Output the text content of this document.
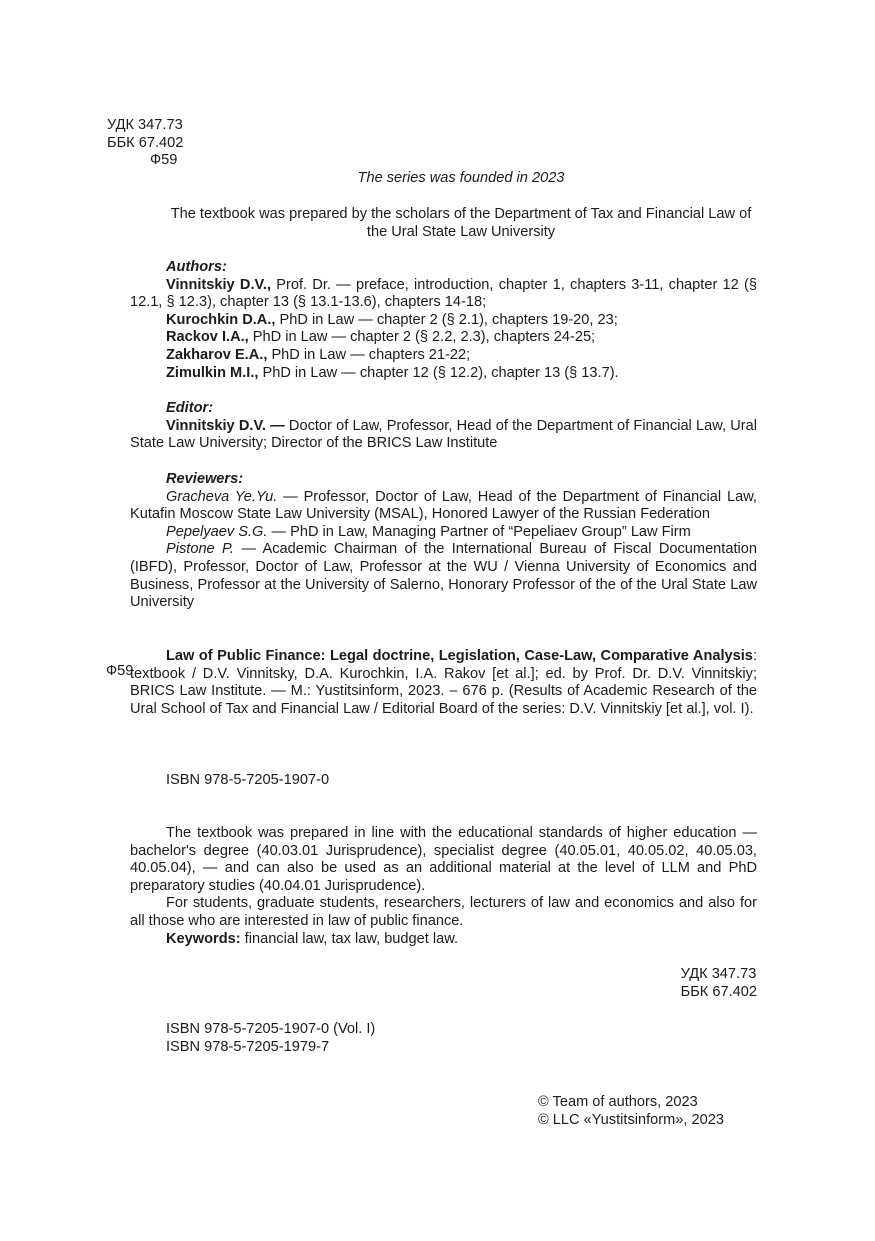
УДК 347.73
ББК 67.402
Ф59
The series was founded in 2023
The textbook was prepared by the scholars of the Department of Tax and Financial Law of the Ural State Law University

Authors:

Vinnitskiy D.V., Prof. Dr. — preface, introduction, chapter 1, chapters 3-11, chapter 12 (§ 12.1, § 12.3), chapter 13 (§ 13.1-13.6), chapters 14-18;

Kurochkin D.A., PhD in Law — chapter 2 (§ 2.1), chapters 19-20, 23;

Rackov I.A., PhD in Law — chapter 2 (§ 2.2, 2.3), chapters 24-25;

Zakharov E.A., PhD in Law — chapters 21-22;

Zimulkin M.I., PhD in Law — chapter 12 (§ 12.2), chapter 13 (§ 13.7).

Editor:

Vinnitskiy D.V. — Doctor of Law, Professor, Head of the Department of Financial Law, Ural State Law University; Director of the BRICS Law Institute

Reviewers:

Gracheva Ye.Yu. — Professor, Doctor of Law, Head of the Department of Financial Law, Kutafin Moscow State Law University (MSAL), Honored Lawyer of the Russian Federation

Pepelyaev S.G. — PhD in Law, Managing Partner of “Pepeliaev Group” Law Firm

Pistone P. — Academic Chairman of the International Bureau of Fiscal Documentation (IBFD), Professor, Doctor of Law, Professor at the WU / Vienna University of Economics and Business, Professor at the University of Salerno, Honorary Professor of the of the Ural State Law University

Ф59

Law of Public Finance: Legal doctrine, Legislation, Case-Law, Comparative Analysis: textbook / D.V. Vinnitsky, D.A. Kurochkin, I.A. Rakov [et al.]; ed. by Prof. Dr. D.V. Vinnitskiy; BRICS Law Institute. — M.: Yustitsinform, 2023. – 676 p. (Results of Academic Research of the Ural School of Tax and Financial Law / Editorial Board of the series: D.V. Vinnitskiy [et al.], vol. I).

ISBN 978-5-7205-1907-0

The textbook was prepared in line with the educational standards of higher education — bachelor's degree (40.03.01 Jurisprudence), specialist degree (40.05.01, 40.05.02, 40.05.03, 40.05.04), — and can also be used as an additional material at the level of LLM and PhD preparatory studies (40.04.01 Jurisprudence).

For students, graduate students, researchers, lecturers of law and economics and also for all those who are interested in law of public finance.

Keywords: financial law, tax law, budget law.

УДК 347.73
ББК 67.402
ISBN 978-5-7205-1907-0 (Vol. I)
ISBN 978-5-7205-1979-7
© Team of authors, 2023
© LLC «Yustitsinform», 2023
